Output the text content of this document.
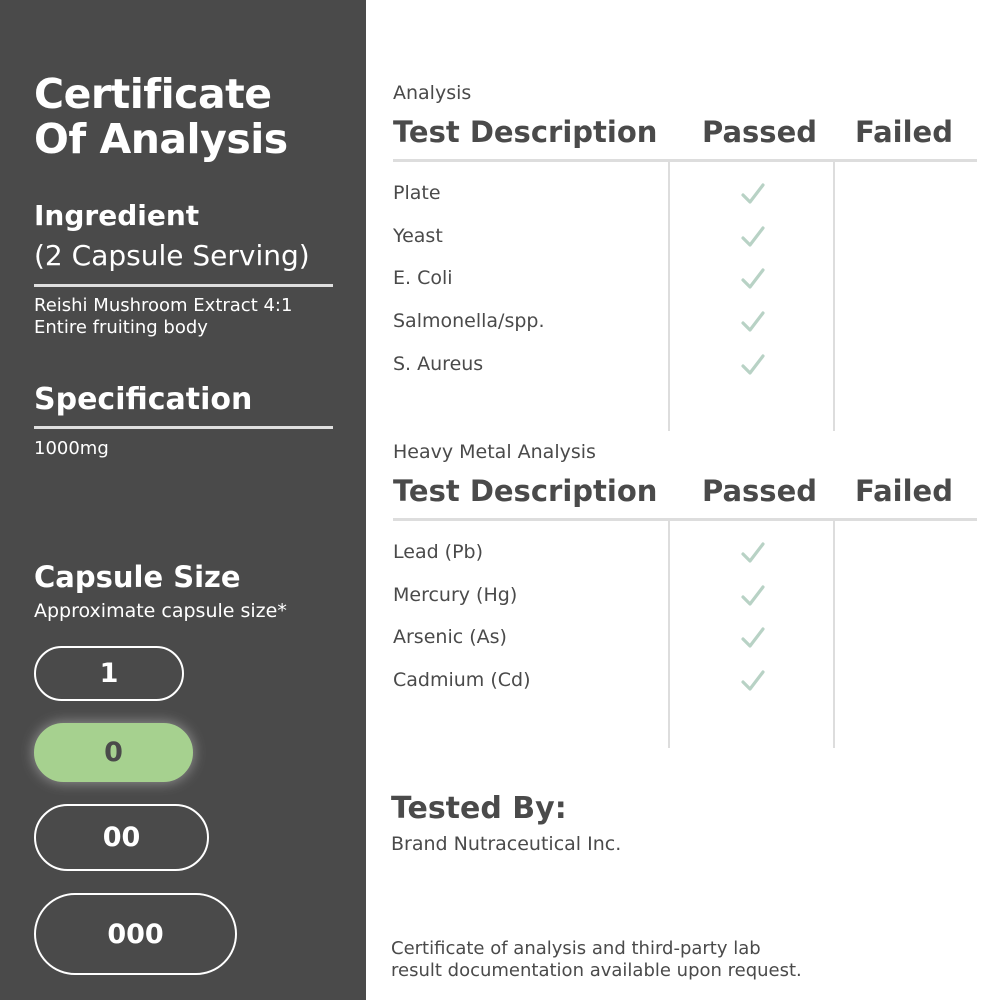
Certificate
Of Analysis
Ingredient
(2 Capsule Serving)
Reishi Mushroom Extract 4:1
Entire fruiting body
Specification
1000mg
Capsule Size
Approximate capsule size*
1
0
00
000
Analysis
Test Description Passed Failed
Plate
Yeast
E. Coli
Salmonella/spp.
S. Aureus
Heavy Metal Analysis
Test Description Passed Failed
Lead (Pb)
Mercury (Hg)
Arsenic (As)
Cadmium (Cd)
Tested By:
Brand Nutraceutical Inc.
Certificate of analysis and third-party lab
result documentation available upon request.
